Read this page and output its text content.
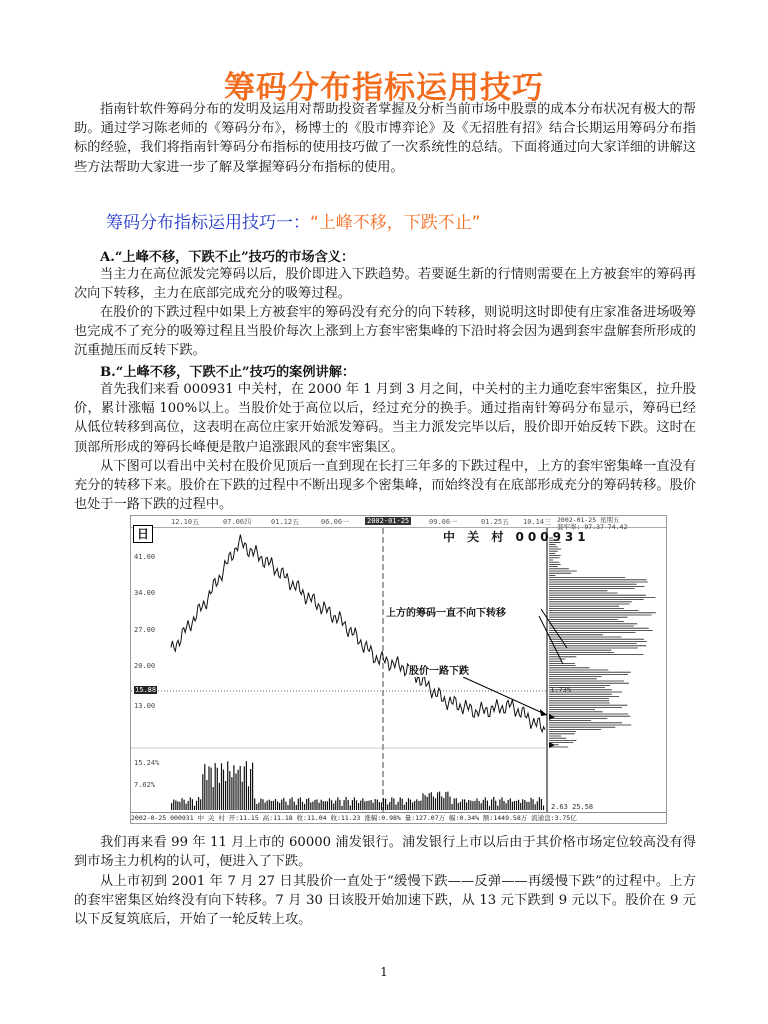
筹码分布指标运用技巧

指南针软件筹码分布的发明及运用对帮助投资者掌握及分析当前市场中股票的成本分布状况有极大的帮助。通过学习陈老师的《筹码分布》，杨博士的《股市博弈论》及《无招胜有招》结合长期运用筹码分布指标的经验，我们将指南针筹码分布指标的使用技巧做了一次系统性的总结。下面将通过向大家详细的讲解这些方法帮助大家进一步了解及掌握筹码分布指标的使用。

筹码分布指标运用技巧一：“上峰不移，下跌不止”
A.“上峰不移，下跌不止”技巧的市场含义：

当主力在高位派发完筹码以后，股价即进入下跌趋势。若要诞生新的行情则需要在上方被套牢的筹码再次向下转移，主力在底部完成充分的吸筹过程。

在股价的下跌过程中如果上方被套牢的筹码没有充分的向下转移，则说明这时即使有庄家准备进场吸筹也完成不了充分的吸筹过程且当股价每次上涨到上方套牢密集峰的下沿时将会因为遇到套牢盘解套所形成的沉重抛压而反转下跌。

B.“上峰不移，下跌不止”技巧的案例讲解：

首先我们来看 000931 中关村，在 2000 年 1 月到 3 月之间，中关村的主力通吃套牢密集区，拉升股价，累计涨幅 100%以上。当股价处于高位以后，经过充分的换手。通过指南针筹码分布显示，筹码已经从低位转移到高位，这表明在高位庄家开始派发筹码。当主力派发完毕以后，股价即开始反转下跌。这时在顶部所形成的筹码长峰便是散户追涨跟风的套牢密集区。

从下图可以看出中关村在股价见顶后一直到现在长打三年多的下跌过程中，上方的套牢密集峰一直没有充分的转移下来。股价在下跌的过程中不断出现多个密集峰，而始终没有在底部形成充分的筹码转移。股价也处于一路下跌的过程中。

12.10五	07.06四	01.12五	06.06一	2002-01-25	09.06一	01.25五 10.14三 2002-01-25 星期五
套牢率: 97.37 74.42
日	中 关 村 000931
41.00
34.00
27.00
20.00
13.00
15.88	1.73%
15.24%
7.62%
上方的筹码一直不向下转移
股价一路下跌
2.63 25.58
2002-0-25 000931 中 关 村 开:11.15 高:11.18 收:11.04 收:11.23 涨幅:0.98% 量:127.07万 幅:0.34% 额:1449.58万 流通盘:3.75亿

我们再来看 99 年 11 月上市的 60000 浦发银行。浦发银行上市以后由于其价格市场定位较高没有得到市场主力机构的认可，便进入了下跌。

从上市初到 2001 年 7 月 27 日其股价一直处于“缓慢下跌——反弹——再缓慢下跌”的过程中。上方的套牢密集区始终没有向下转移。7 月 30 日该股开始加速下跌，从 13 元下跌到 9 元以下。股价在 9 元以下反复筑底后，开始了一轮反转上攻。

1
